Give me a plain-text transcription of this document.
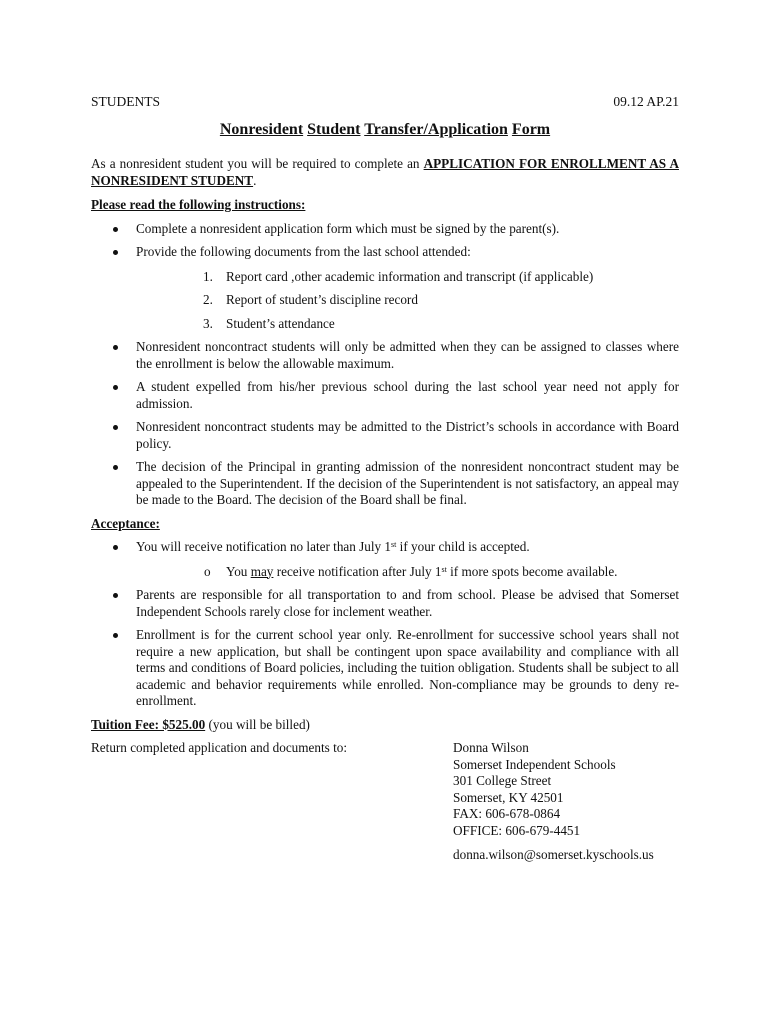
STUDENTS	09.12 AP.21
Nonresident Student Transfer/Application Form

As a nonresident student you will be required to complete an APPLICATION FOR ENROLLMENT AS A NONRESIDENT STUDENT.

Please read the following instructions:
Complete a nonresident application form which must be signed by the parent(s).
Provide the following documents from the last school attended:
1. Report card ,other academic information and transcript (if applicable)
2. Report of student’s discipline record
3. Student’s attendance
Nonresident noncontract students will only be admitted when they can be assigned to classes where the enrollment is below the allowable maximum.
A student expelled from his/her previous school during the last school year need not apply for admission.
Nonresident noncontract students may be admitted to the District’s schools in accordance with Board policy.
The decision of the Principal in granting admission of the nonresident noncontract student may be appealed to the Superintendent. If the decision of the Superintendent is not satisfactory, an appeal may be made to the Board. The decision of the Board shall be final.
Acceptance:
You will receive notification no later than July 1st if your child is accepted.
o You may receive notification after July 1st if more spots become available.
Parents are responsible for all transportation to and from school. Please be advised that Somerset Independent Schools rarely close for inclement weather.
Enrollment is for the current school year only. Re-enrollment for successive school years shall not require a new application, but shall be contingent upon space availability and compliance with all terms and conditions of Board policies, including the tuition obligation. Students shall be subject to all academic and behavior requirements while enrolled. Non-compliance may be grounds to deny re-enrollment.

Tuition Fee: $525.00 (you will be billed)

Return completed application and documents to:	Donna Wilson
Somerset Independent Schools
301 College Street
Somerset, KY 42501
FAX: 606-678-0864
OFFICE: 606-679-4451
donna.wilson@somerset.kyschools.us
